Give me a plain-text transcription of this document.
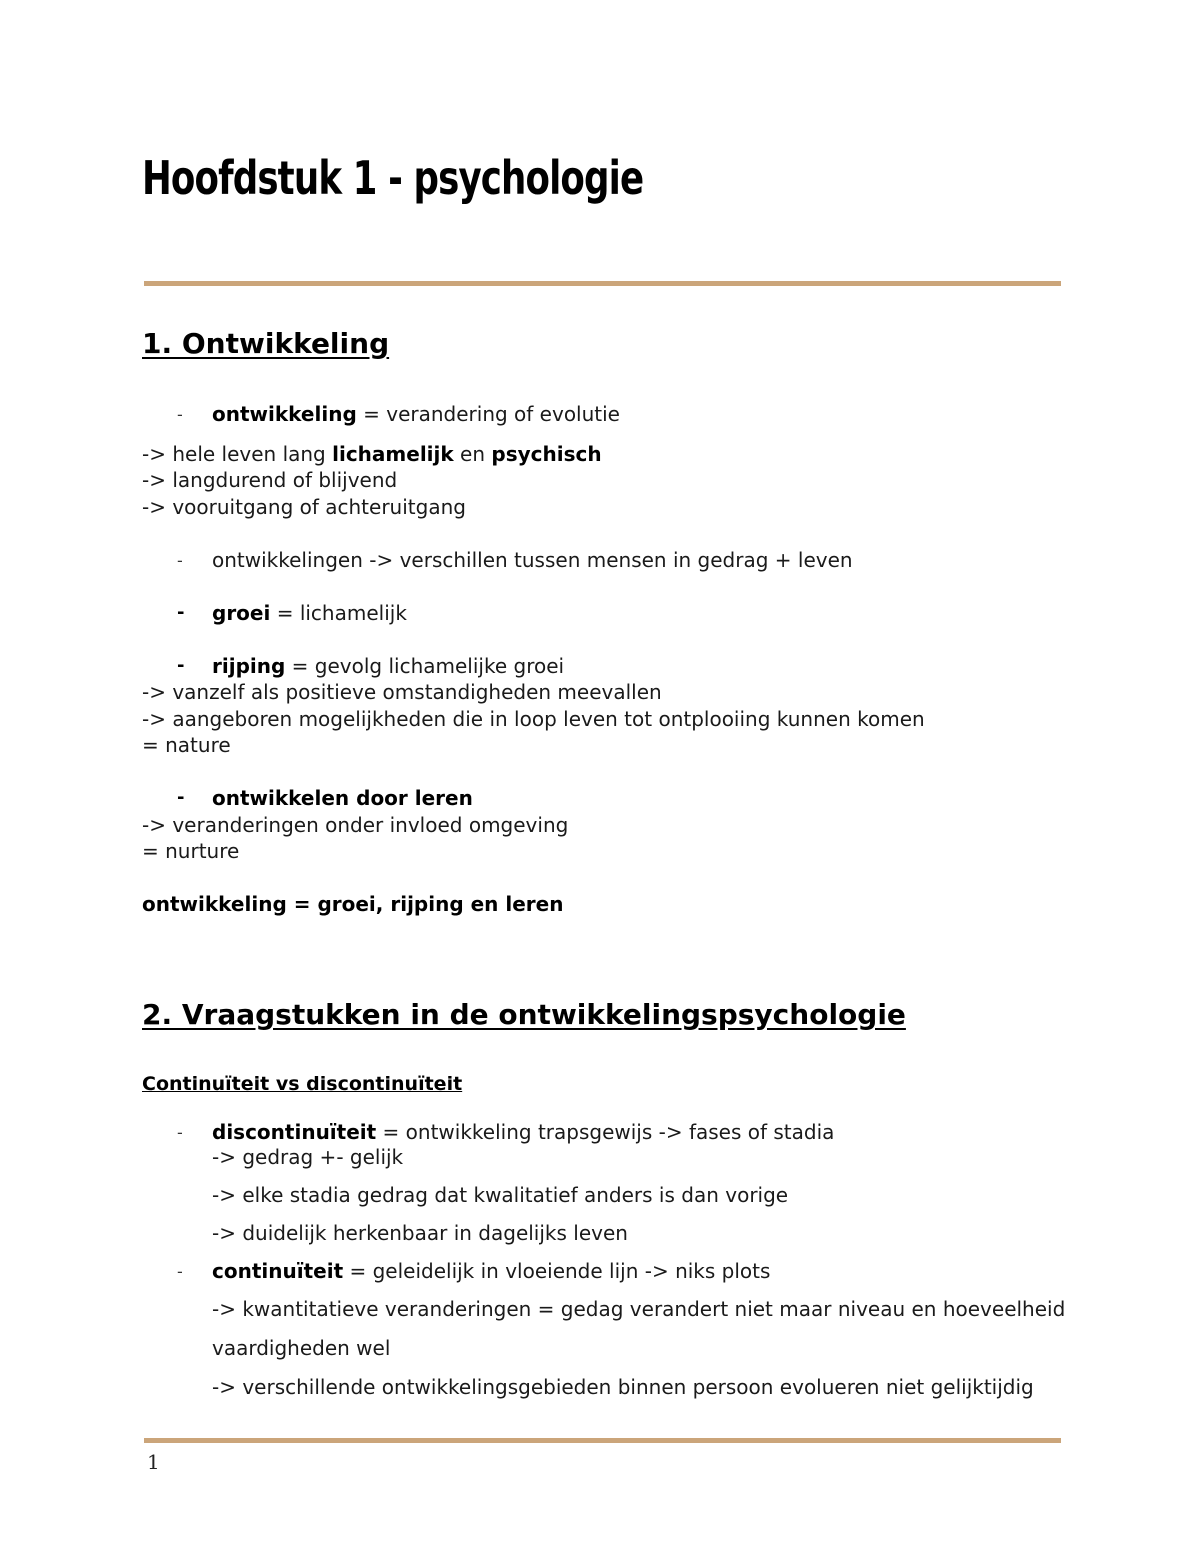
Hoofdstuk 1 - psychologie
1. Ontwikkeling
- ontwikkeling = verandering of evolutie

-> hele leven lang lichamelijk en psychisch

-> langdurend of blijvend

-> vooruitgang of achteruitgang

- ontwikkelingen -> verschillen tussen mensen in gedrag + leven

- groei = lichamelijk

- rijping = gevolg lichamelijke groei

-> vanzelf als positieve omstandigheden meevallen

-> aangeboren mogelijkheden die in loop leven tot ontplooiing kunnen komen

= nature

- ontwikkelen door leren

-> veranderingen onder invloed omgeving

= nurture

ontwikkeling = groei, rijping en leren

2. Vraagstukken in de ontwikkelingspsychologie
Continuïteit vs discontinuïteit
- discontinuïteit = ontwikkeling trapsgewijs -> fases of stadia

-> gedrag +- gelijk

-> elke stadia gedrag dat kwalitatief anders is dan vorige

-> duidelijk herkenbaar in dagelijks leven

- continuïteit = geleidelijk in vloeiende lijn -> niks plots

-> kwantitatieve veranderingen = gedag verandert niet maar niveau en hoeveelheid

vaardigheden wel

-> verschillende ontwikkelingsgebieden binnen persoon evolueren niet gelijktijdig

1
